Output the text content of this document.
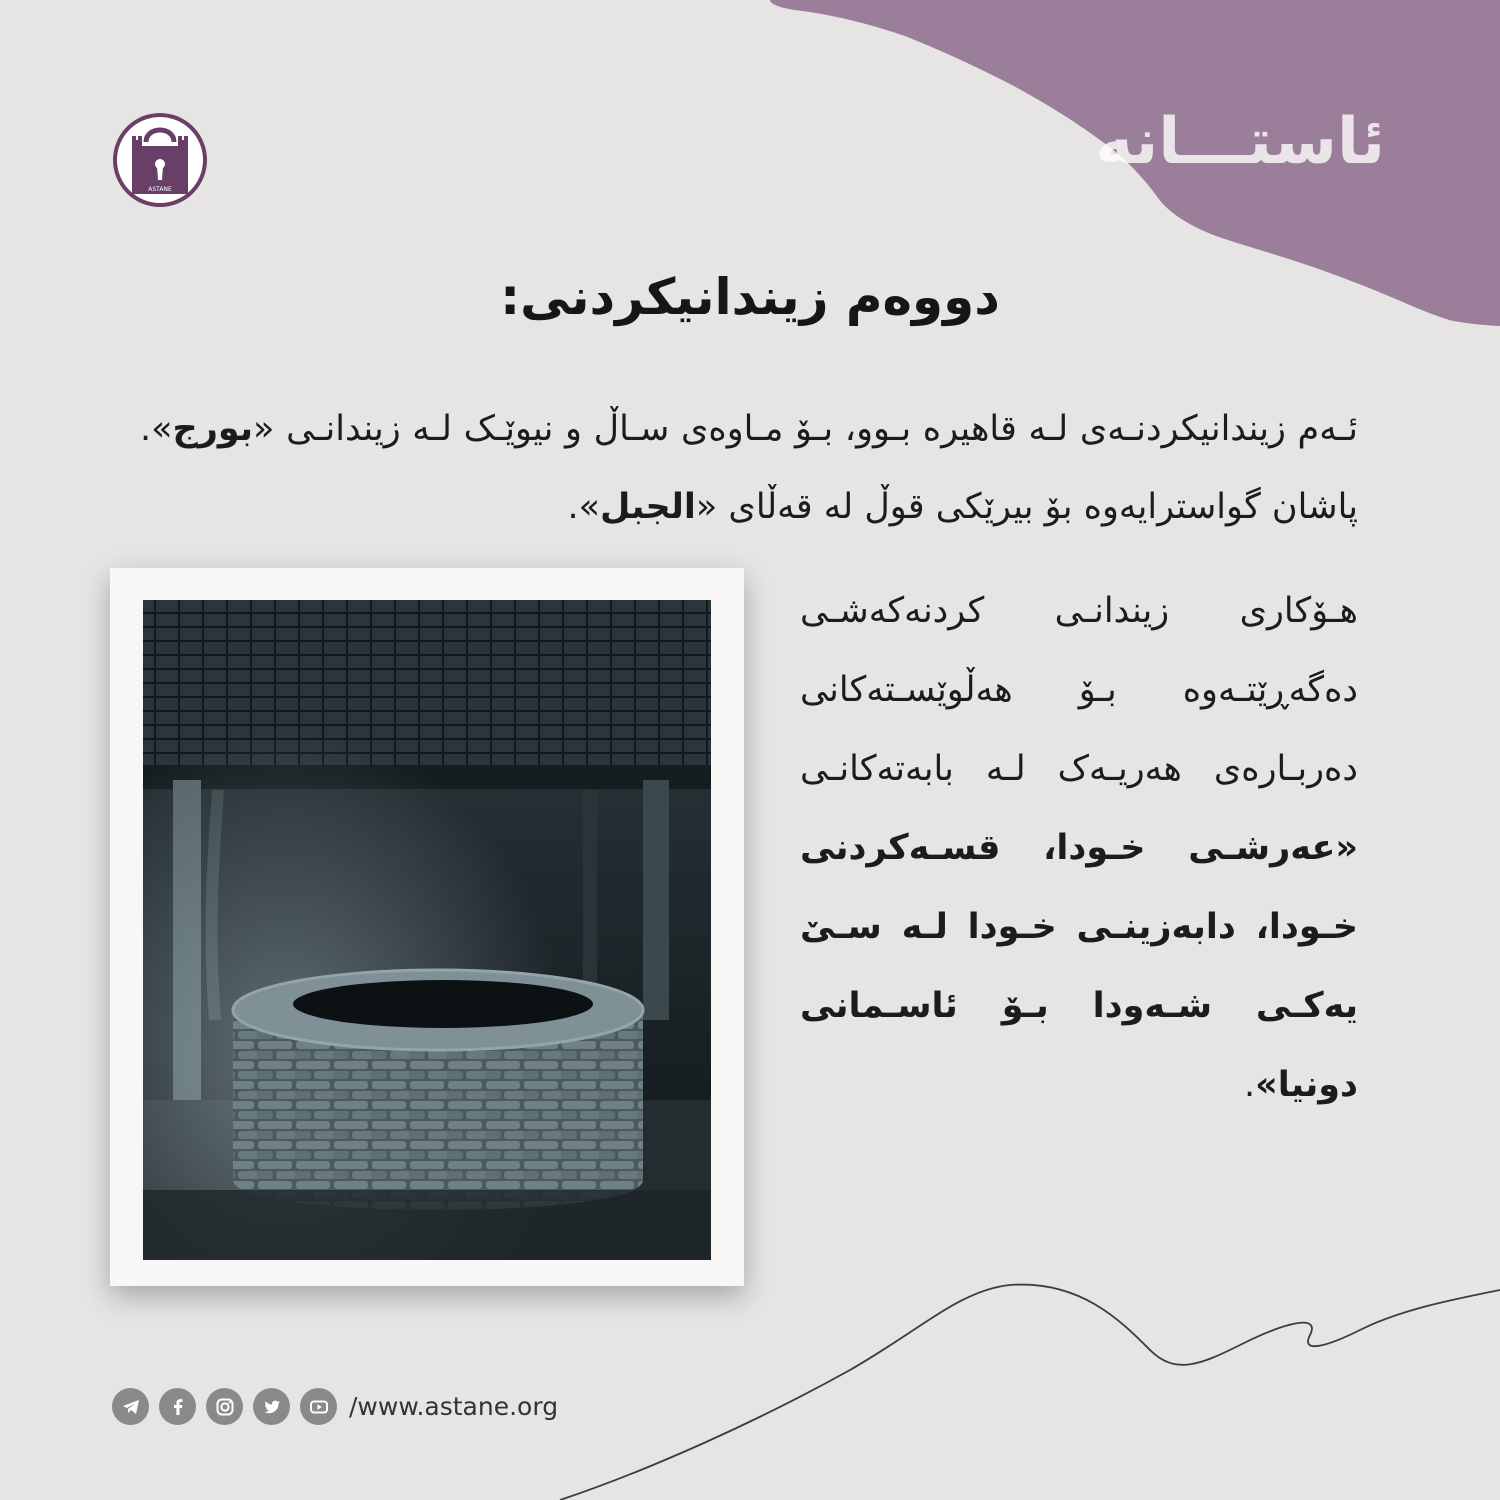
ASTANE
ئاستـــانه
دووەم زیندانیکردنی:
ئـەم زیندانیکردنـەی لـە قاهیرە بـوو، بـۆ مـاوەی سـاڵ و نیوێـک لـە زیندانـی «بورج». پاشان گواسترایەوە بۆ بیرێکی قوڵ لە قەڵای «الجبل».
هـۆکاری زیندانـی کردنەکەشـی دەگەڕێتـەوە بـۆ هەڵوێسـتەکانی دەربـارەی هەریـەک لـە بابەتەکانـی «عەرشـی خـودا، قسـەکردنی خـودا، دابەزینـی خـودا لـە سـێ یەکـی شـەودا بـۆ ئاسـمانی دونیا».
/www.astane.org
